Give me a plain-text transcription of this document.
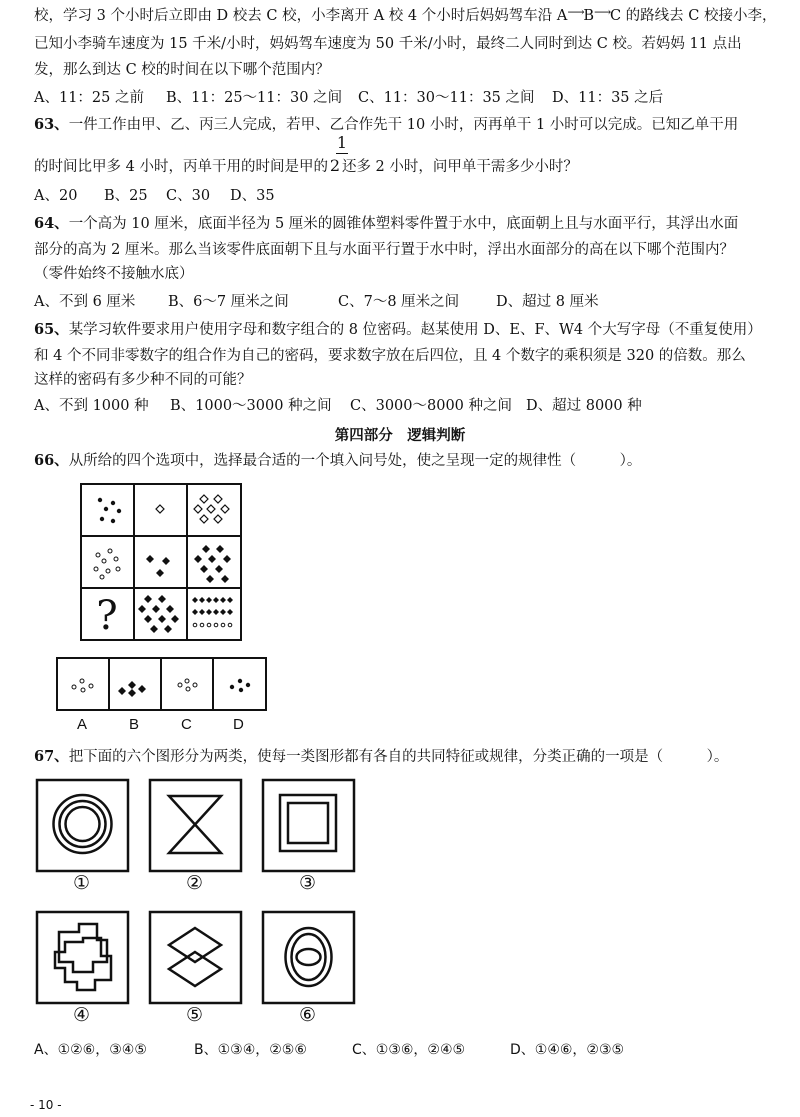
校，学习 3 个小时后立即由 D 校去 C 校，小李离开 A 校 4 个小时后妈妈驾车沿 A⟶B⟶C 的路线去 C 校接小李，
已知小李骑车速度为 15 千米/小时，妈妈驾车速度为 50 千米/小时，最终二人同时到达 C 校。若妈妈 11 点出
发，那么到达 C 校的时间在以下哪个范围内？
A、11：25 之前 B、11：25～11：30 之间 C、11：30～11：35 之间 D、11：35 之后
63、一件工作由甲、乙、丙三人完成，若甲、乙合作先干 10 小时，丙再单干 1 小时可以完成。已知乙单干用
1
的时间比甲多 4 小时，丙单干用的时间是甲的 2 还多 2 小时，问甲单干需多少小时？
A、20 B、25 C、30 D、35
64、一个高为 10 厘米，底面半径为 5 厘米的圆锥体塑料零件置于水中，底面朝上且与水面平行，其浮出水面
部分的高为 2 厘米。那么当该零件底面朝下且与水面平行置于水中时，浮出水面部分的高在以下哪个范围内？
（零件始终不接触水底）
A、不到 6 厘米 B、6～7 厘米之间	C、7～8 厘米之间	D、超过 8 厘米
65、某学习软件要求用户使用字母和数字组合的 8 位密码。赵某使用 D、E、F、W4 个大写字母（不重复使用）
和 4 个不同非零数字的组合作为自己的密码，要求数字放在后四位，且 4 个数字的乘积须是 320 的倍数。那么
这样的密码有多少种不同的可能？
A、不到 1000 种 B、1000～3000 种之间 C、3000～8000 种之间 D、超过 8000 种
第四部分　逻辑判断
66、从所给的四个选项中，选择最合适的一个填入问号处，使之呈现一定的规律性（　　　）。
?
A	B	C	D
67、把下面的六个图形分为两类，使每一类图形都有各自的共同特征或规律，分类正确的一项是（　　　）。
①	②	③
④	⑤	⑥
A、①②⑥，③④⑤	B、①③④，②⑤⑥	C、①③⑥，②④⑤	D、①④⑥，②③⑤
- 10 -
